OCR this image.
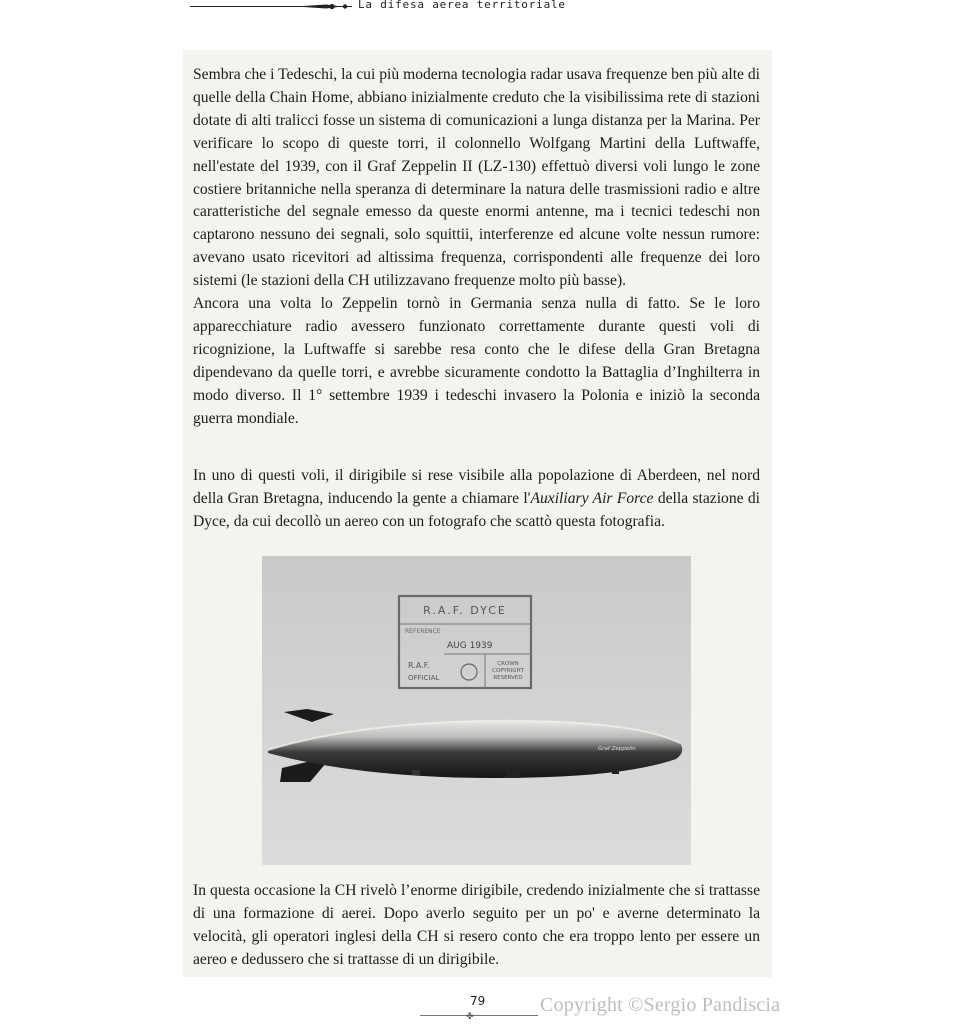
La difesa aerea territoriale

Sembra che i Tedeschi, la cui più moderna tecnologia radar usava frequenze ben più alte di quelle della Chain Home, abbiano inizialmente creduto che la visibilissima rete di stazioni dotate di alti tralicci fosse un sistema di comunicazioni a lunga distanza per la Marina. Per verificare lo scopo di queste torri, il colonnello Wolfgang Martini della Luftwaffe, nell'estate del 1939, con il Graf Zeppelin II (LZ-130) effettuò diversi voli lungo le zone costiere britanniche nella speranza di determinare la natura delle trasmissioni radio e altre caratteristiche del segnale emesso da queste enormi antenne, ma i tecnici tedeschi non captarono nessuno dei segnali, solo squittii, interferenze ed alcune volte nessun rumore: avevano usato ricevitori ad altissima frequenza, corrispondenti alle frequenze dei loro sistemi (le stazioni della CH utilizzavano frequenze molto più basse).

Ancora una volta lo Zeppelin tornò in Germania senza nulla di fatto. Se le loro apparecchiature radio avessero funzionato correttamente durante questi voli di ricognizione, la Luftwaffe si sarebbe resa conto che le difese della Gran Bretagna dipendevano da quelle torri, e avrebbe sicuramente condotto la Battaglia d’Inghilterra in modo diverso. Il 1° settembre 1939 i tedeschi invasero la Polonia e iniziò la seconda guerra mondiale.

In uno di questi voli, il dirigibile si rese visibile alla popolazione di Aberdeen, nel nord della Gran Bretagna, inducendo la gente a chiamare l'Auxiliary Air Force della stazione di Dyce, da cui decollò un aereo con un fotografo che scattò questa fotografia.

R.A.F. DYCE
REFERENCE
AUG 1939
R.A.F.
OFFICIAL
CROWN
COPYRIGHT
RESERVED
Graf Zeppelin

In questa occasione la CH rivelò l’enorme dirigibile, credendo inizialmente che si trattasse di una formazione di aerei. Dopo averlo seguito per un po' e averne determinato la velocità, gli operatori inglesi della CH si resero conto che era troppo lento per essere un aereo e dedussero che si trattasse di un dirigibile.

79
✤
Copyright ©Sergio Pandiscia
